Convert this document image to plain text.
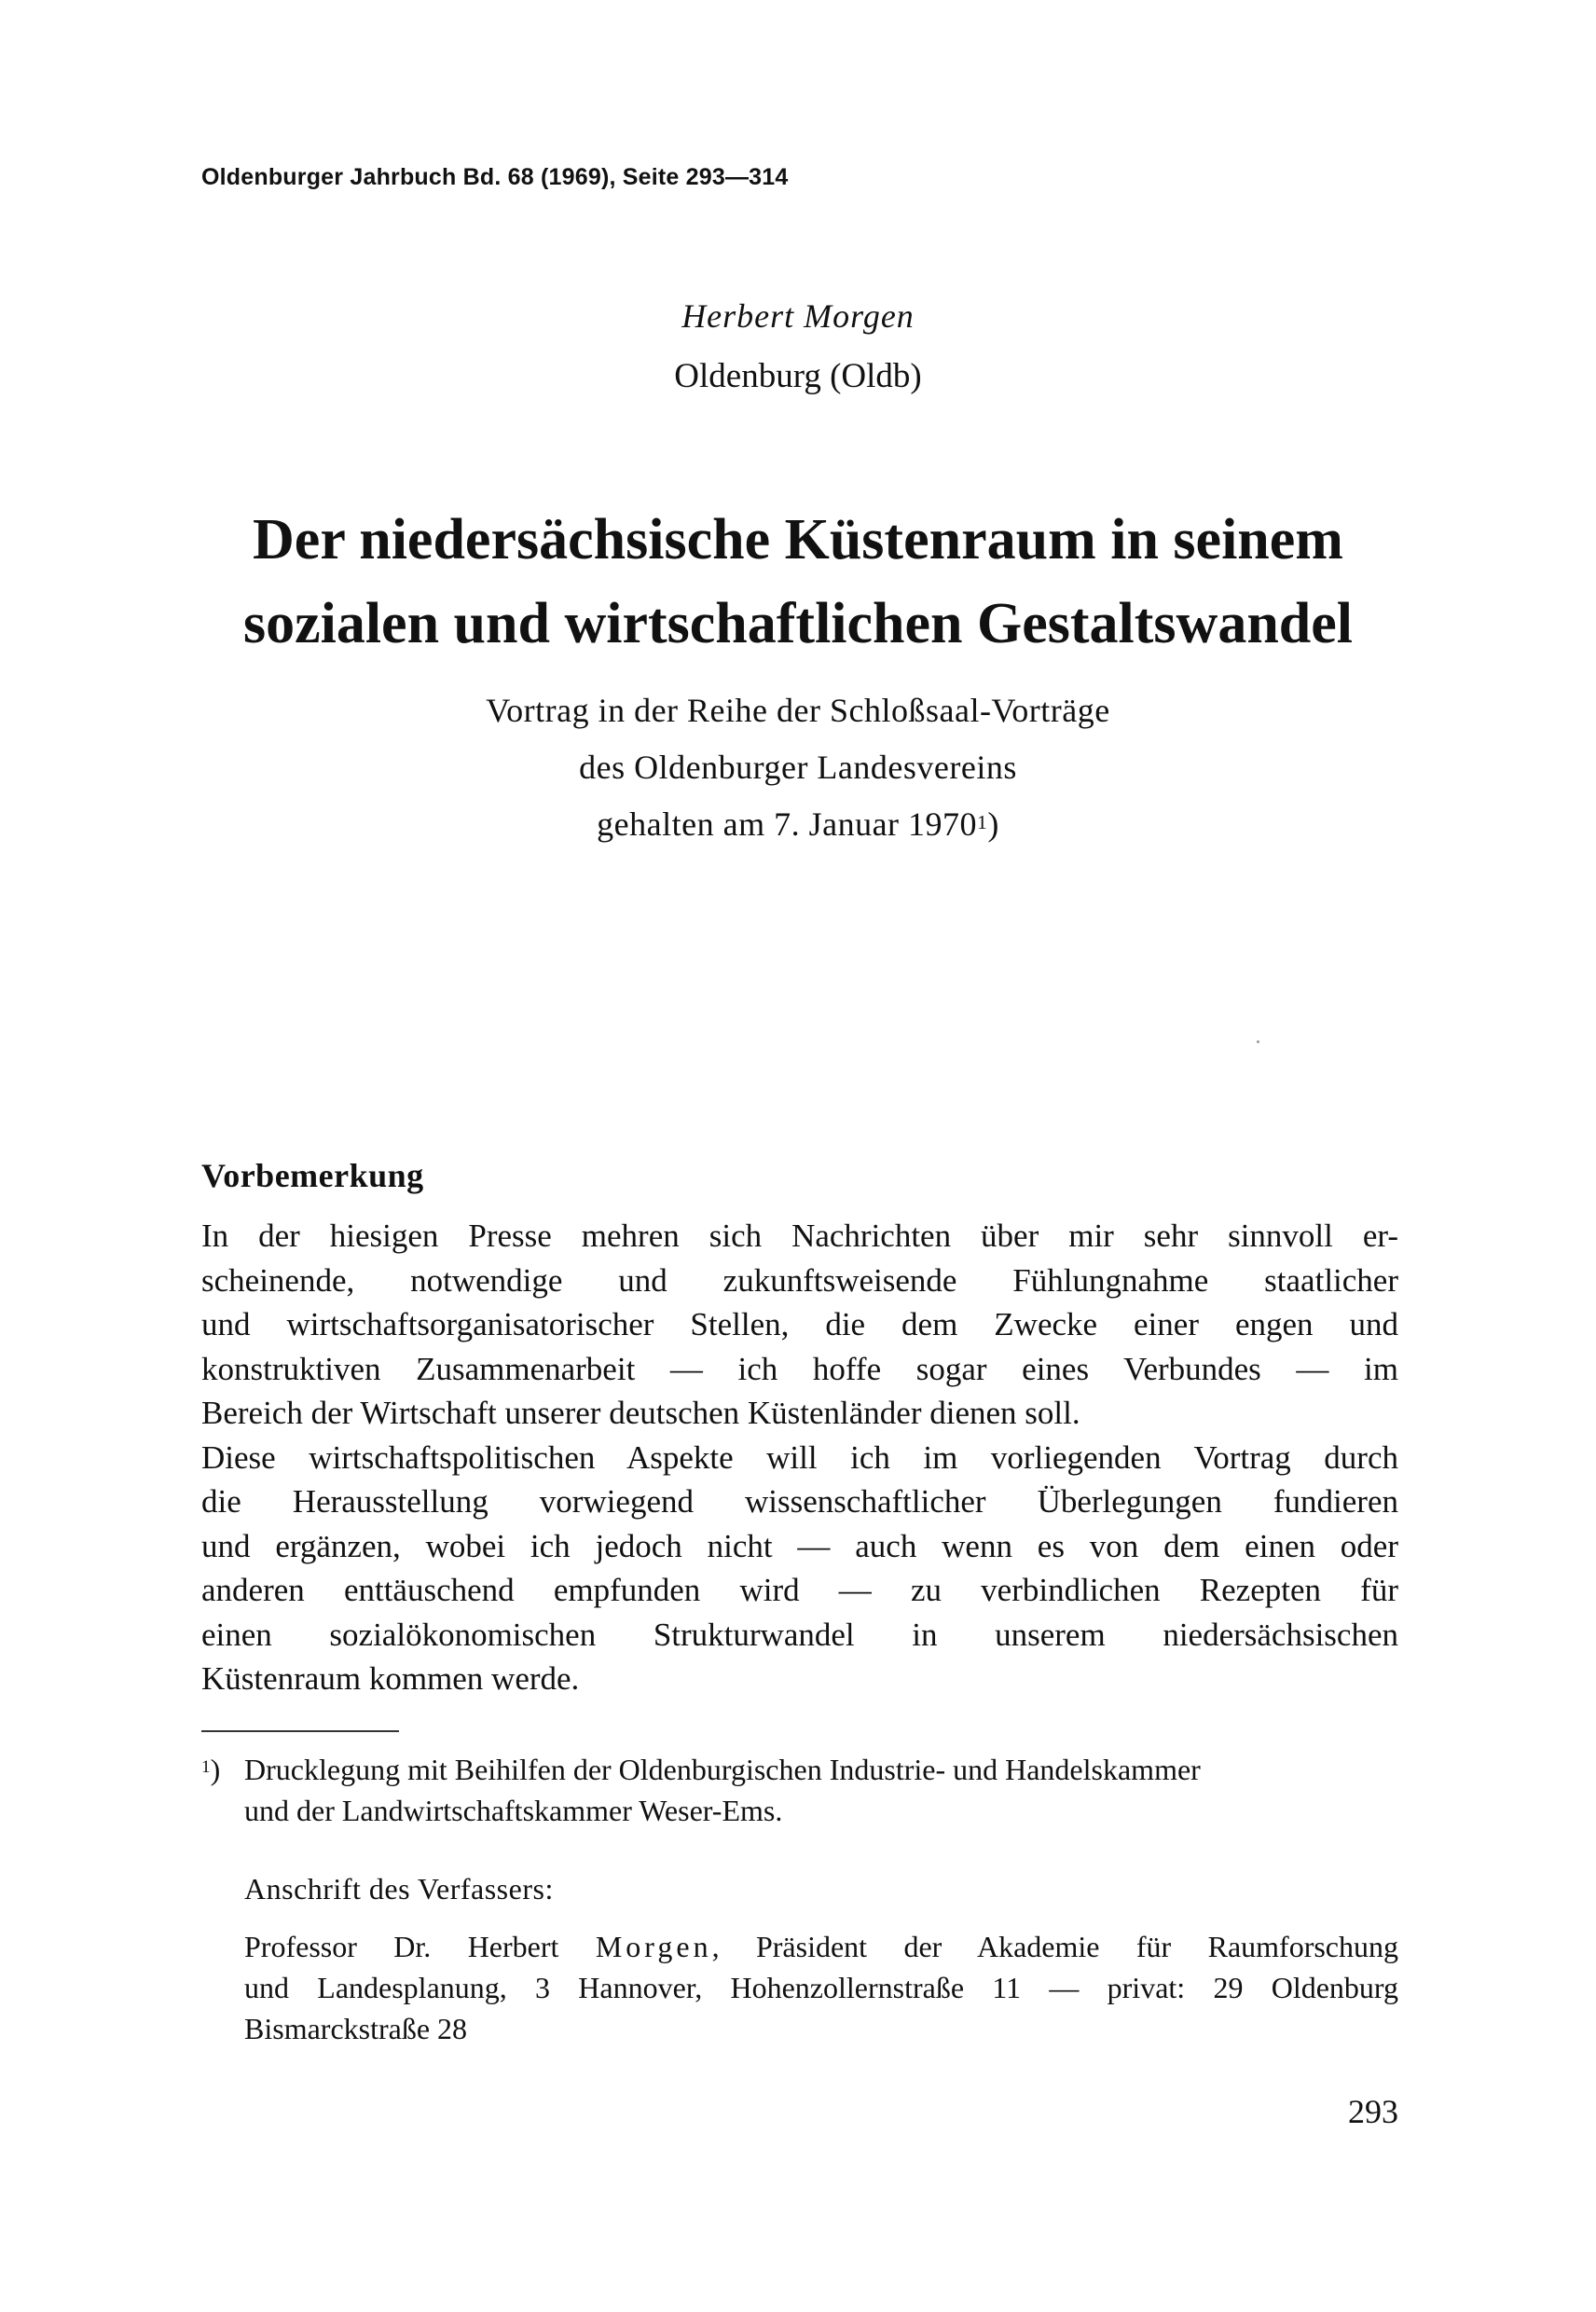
Oldenburger Jahrbuch Bd. 68 (1969), Seite 293—314
Herbert Morgen
Oldenburg (Oldb)
Der niedersächsische Küstenraum in seinem
sozialen und wirtschaftlichen Gestaltswandel
Vortrag in der Reihe der Schloßsaal-Vorträge
des Oldenburger Landesvereins
gehalten am 7. Januar 1970$^1$)
Vorbemerkung
In der hiesigen Presse mehren sich Nachrichten über mir sehr sinnvoll er-
scheinende, notwendige und zukunftsweisende Fühlungnahme staatlicher
und wirtschaftsorganisatorischer Stellen, die dem Zwecke einer engen und
konstruktiven Zusammenarbeit — ich hoffe sogar eines Verbundes — im
Bereich der Wirtschaft unserer deutschen Küstenländer dienen soll.
Diese wirtschaftspolitischen Aspekte will ich im vorliegenden Vortrag durch
die Herausstellung vorwiegend wissenschaftlicher Überlegungen fundieren
und ergänzen, wobei ich jedoch nicht — auch wenn es von dem einen oder
anderen enttäuschend empfunden wird — zu verbindlichen Rezepten für
einen sozialökonomischen Strukturwandel in unserem niedersächsischen
Küstenraum kommen werde.
$^1$) Drucklegung mit Beihilfen der Oldenburgischen Industrie- und Handelskammer
und der Landwirtschaftskammer Weser-Ems.
Anschrift des Verfassers:
Professor Dr. Herbert Morgen, Präsident der Akademie für Raumforschung
und Landesplanung, 3 Hannover, Hohenzollernstraße 11 — privat: 29 Oldenburg
Bismarckstraße 28
293
